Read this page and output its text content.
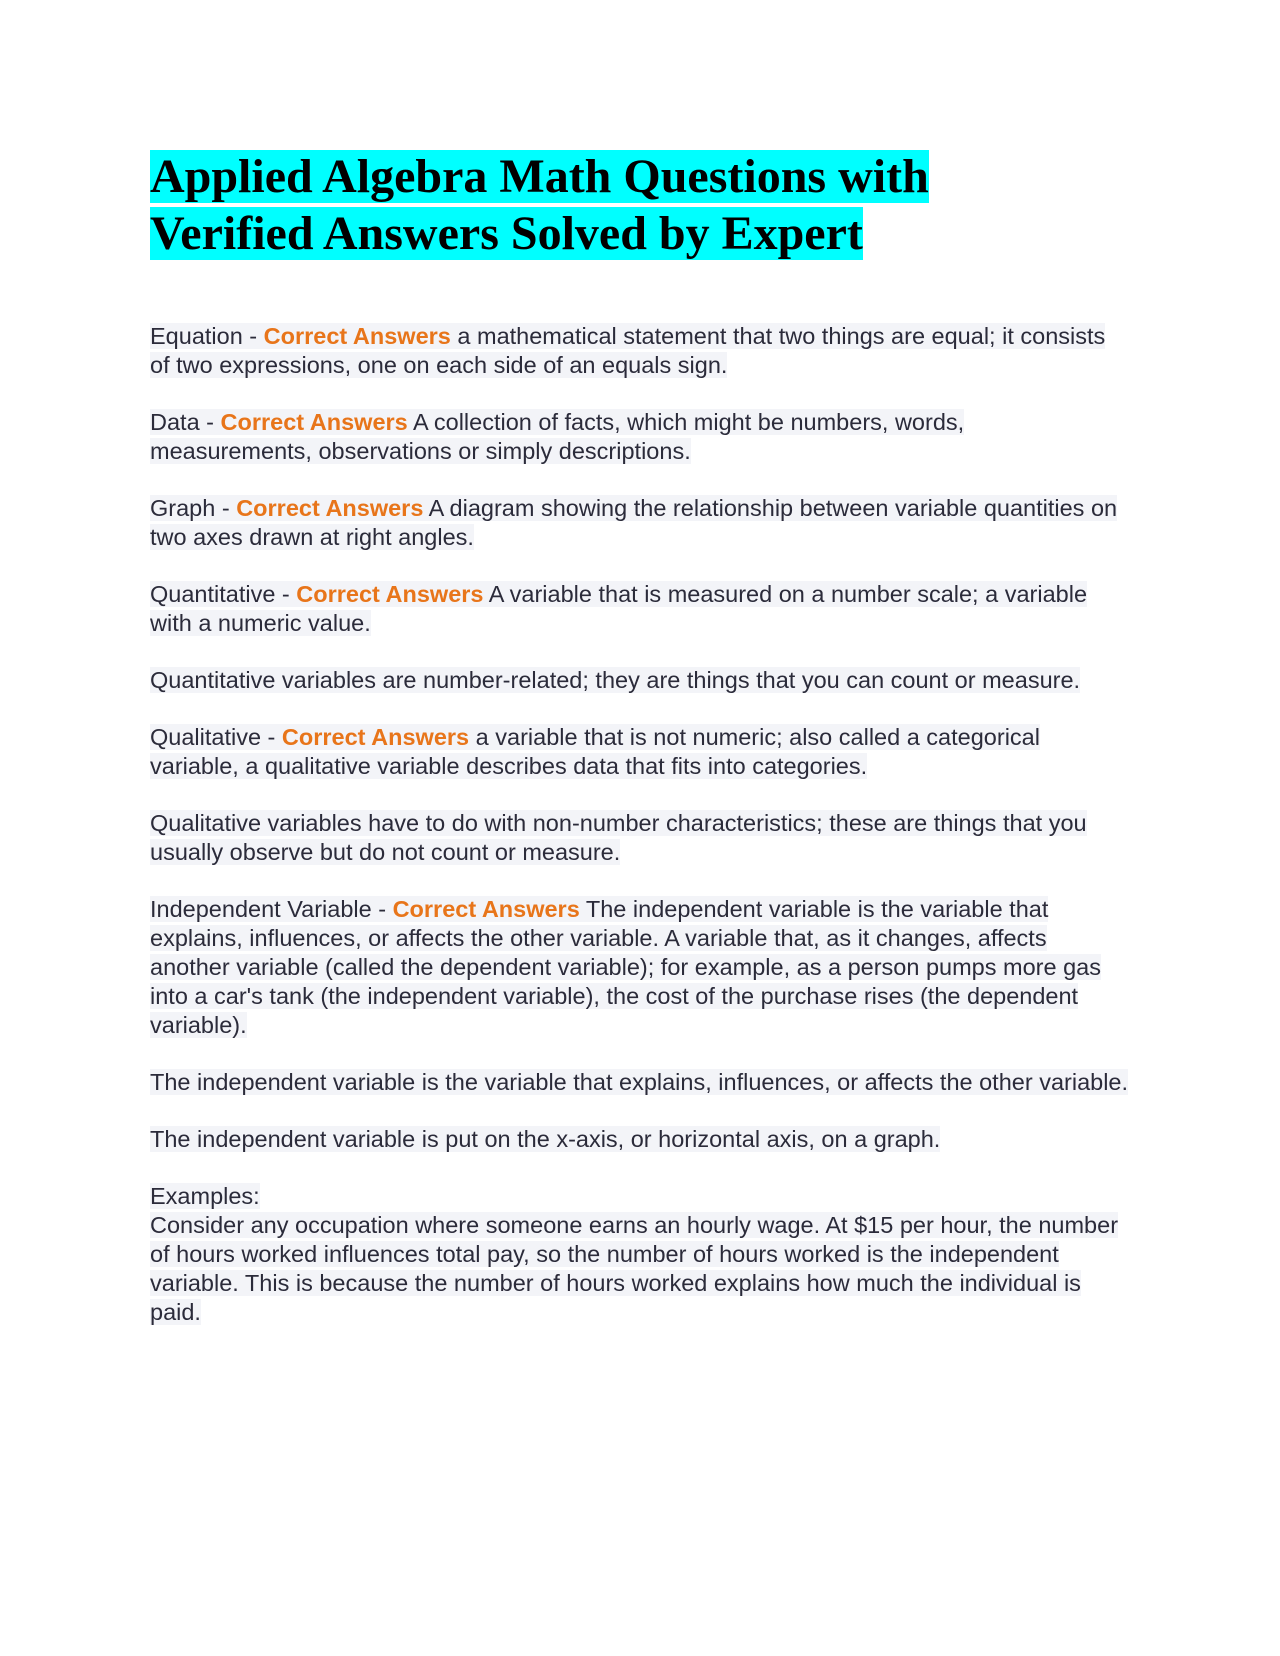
Applied Algebra Math Questions with
Verified Answers Solved by Expert

Equation - Correct Answers a mathematical statement that two things are equal; it consists of two expressions, one on each side of an equals sign.

Data - Correct Answers A collection of facts, which might be numbers, words, measurements, observations or simply descriptions.

Graph - Correct Answers A diagram showing the relationship between variable quantities on two axes drawn at right angles.

Quantitative - Correct Answers A variable that is measured on a number scale; a variable with a numeric value.

Quantitative variables are number-related; they are things that you can count or measure.

Qualitative - Correct Answers a variable that is not numeric; also called a categorical variable, a qualitative variable describes data that fits into categories.

Qualitative variables have to do with non-number characteristics; these are things that you usually observe but do not count or measure.

Independent Variable - Correct Answers The independent variable is the variable that explains, influences, or affects the other variable. A variable that, as it changes, affects another variable (called the dependent variable); for example, as a person pumps more gas into a car's tank (the independent variable), the cost of the purchase rises (the dependent variable).

The independent variable is the variable that explains, influences, or affects the other variable.

The independent variable is put on the x-axis, or horizontal axis, on a graph.

Examples:
Consider any occupation where someone earns an hourly wage. At $15 per hour, the number of hours worked influences total pay, so the number of hours worked is the independent variable. This is because the number of hours worked explains how much the individual is paid.
